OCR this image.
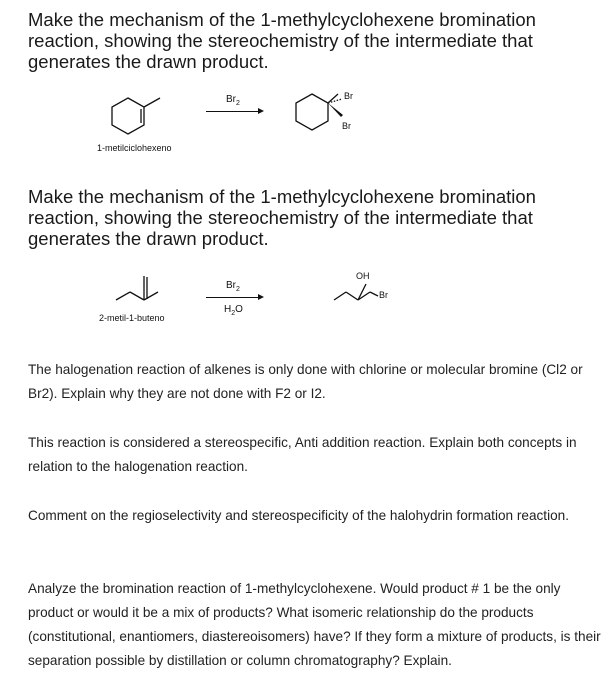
Make the mechanism of the 1-methylcyclohexene bromination
reaction, showing the stereochemistry of the intermediate that
generates the drawn product.
1-metilciclohexeno
$Br_2$
Br
Br
Make the mechanism of the 1-methylcyclohexene bromination
reaction, showing the stereochemistry of the intermediate that
generates the drawn product.
2-metil-1-buteno
$Br_2$
$H_2O$
OH
Br
The halogenation reaction of alkenes is only done with chlorine or molecular bromine (Cl2 or Br2). Explain why they are not done with F2 or I2.
This reaction is considered a stereospecific, Anti addition reaction. Explain both concepts in relation to the halogenation reaction.
Comment on the regioselectivity and stereospecificity of the halohydrin formation reaction.
Analyze the bromination reaction of 1-methylcyclohexene. Would product # 1 be the only product or would it be a mix of products? What isomeric relationship do the products (constitutional, enantiomers, diastereoisomers) have? If they form a mixture of products, is their separation possible by distillation or column chromatography? Explain.
